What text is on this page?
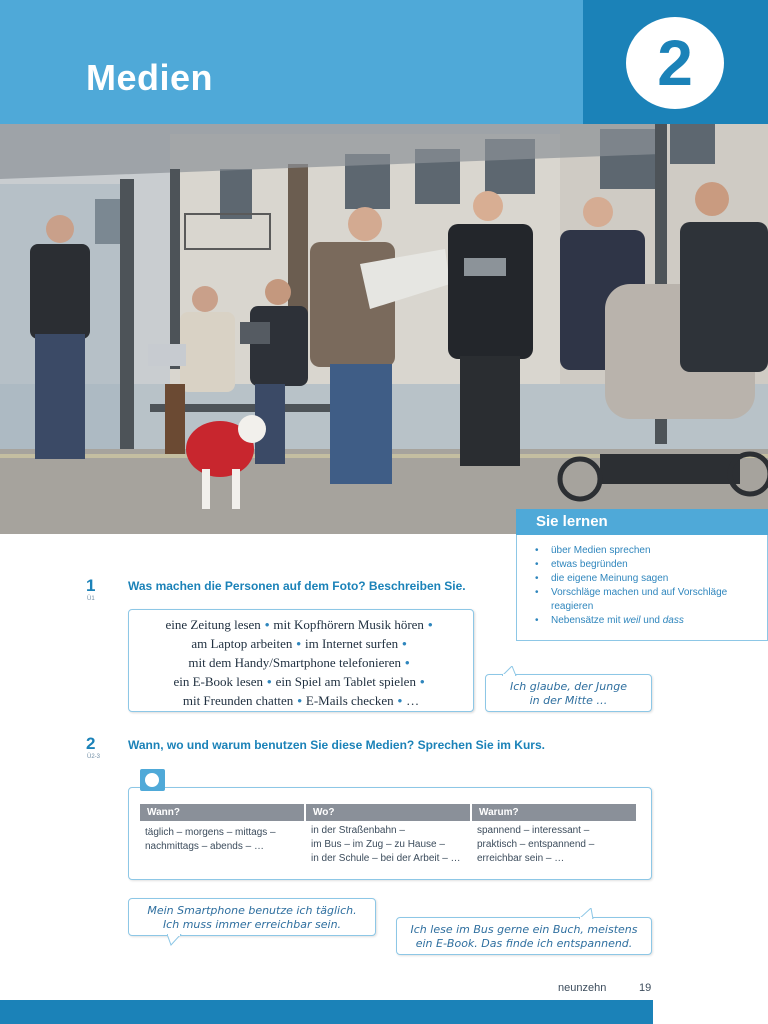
Medien	2
Sie lernen
• über Medien sprechen
• etwas begründen
• die eigene Meinung sagen
• Vorschläge machen und auf Vorschläge
reagieren
• Nebensätze mit weil und dass
1
Ü1
Was machen die Personen auf dem Foto? Beschreiben Sie.
eine Zeitung lesen • mit Kopfhörern Musik hören •
am Laptop arbeiten • im Internet surfen •
mit dem Handy/Smartphone telefonieren •
ein E-Book lesen • ein Spiel am Tablet spielen •
mit Freunden chatten • E-Mails checken • …
Ich glaube, der Junge
in der Mitte …
2
Ü2-3
Wann, wo und warum benutzen Sie diese Medien? Sprechen Sie im Kurs.
Wann?
täglich – morgens – mittags –
nachmittags – abends – …
Wo?
in der Straßenbahn –
im Bus – im Zug – zu Hause –
in der Schule – bei der Arbeit – …
Warum?
spannend – interessant –
praktisch – entspannend –
erreichbar sein – …
Mein Smartphone benutze ich täglich.
Ich muss immer erreichbar sein.	Ich lese im Bus gerne ein Buch, meistens
ein E-Book. Das finde ich entspannend.
neunzehn	19
